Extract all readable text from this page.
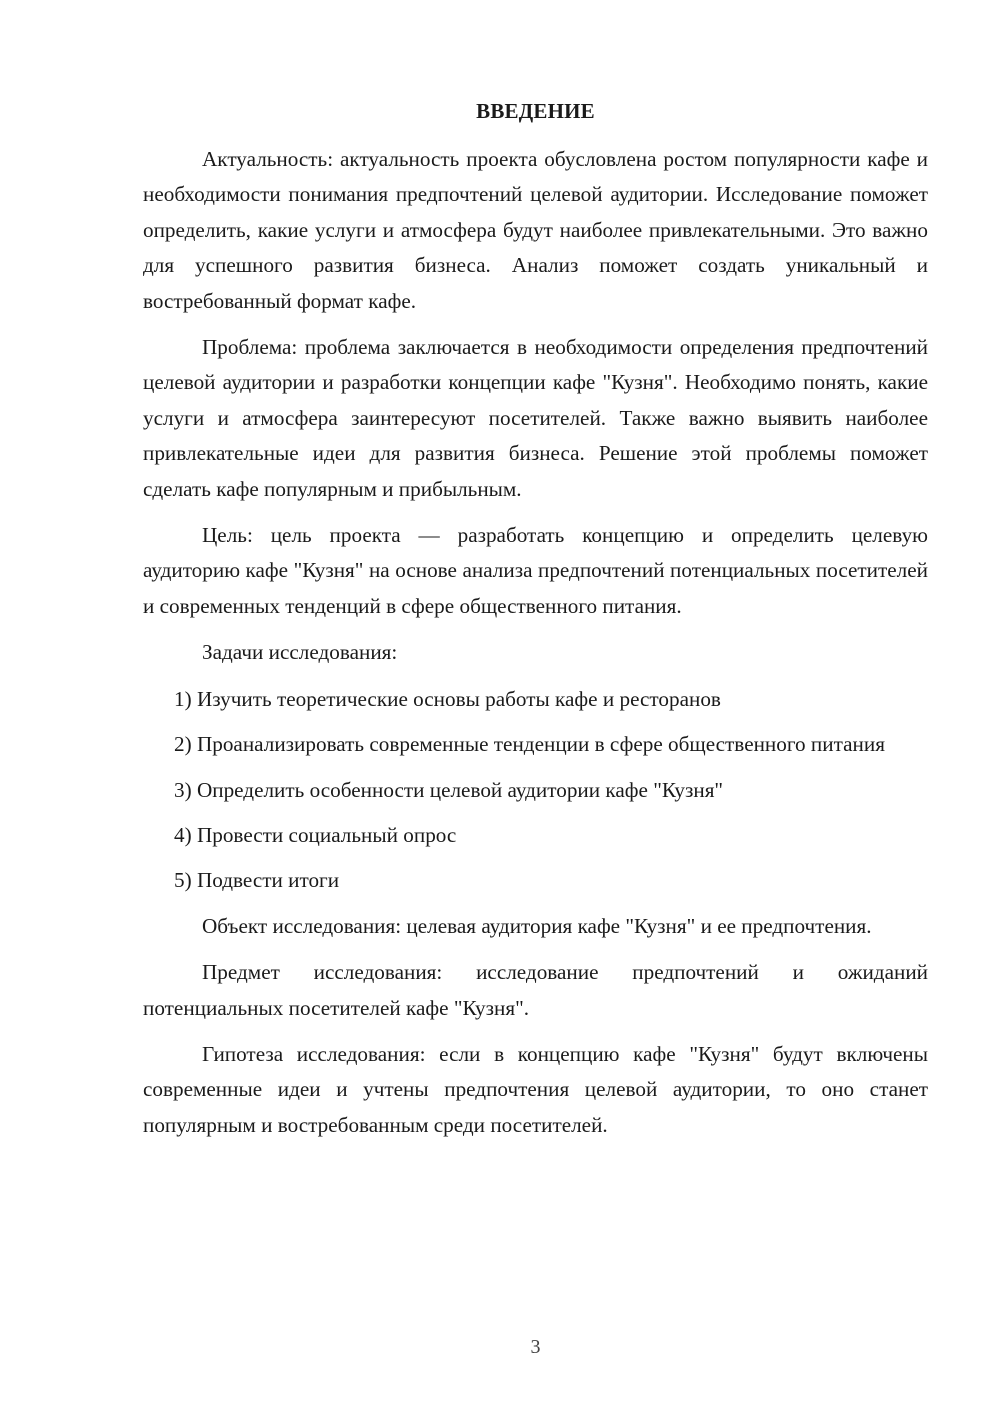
ВВЕДЕНИЕ

Актуальность: актуальность проекта обусловлена ростом популярности кафе и необходимости понимания предпочтений целевой аудитории. Исследование поможет определить, какие услуги и атмосфера будут наиболее привлекательными. Это важно для успешного развития бизнеса. Анализ поможет создать уникальный и востребованный формат кафе.

Проблема: проблема заключается в необходимости определения предпочтений целевой аудитории и разработки концепции кафе "Кузня". Необходимо понять, какие услуги и атмосфера заинтересуют посетителей. Также важно выявить наиболее привлекательные идеи для развития бизнеса. Решение этой проблемы поможет сделать кафе популярным и прибыльным.

Цель: цель проекта — разработать концепцию и определить целевую аудиторию кафе "Кузня" на основе анализа предпочтений потенциальных посетителей и современных тенденций в сфере общественного питания.

Задачи исследования:

1) Изучить теоретические основы работы кафе и ресторанов

2) Проанализировать современные тенденции в сфере общественного питания

3) Определить особенности целевой аудитории кафе "Кузня"

4) Провести социальный опрос

5) Подвести итоги

Объект исследования: целевая аудитория кафе "Кузня" и ее предпочтения.

Предмет исследования: исследование предпочтений и ожиданий потенциальных посетителей кафе "Кузня".

Гипотеза исследования: если в концепцию кафе "Кузня" будут включены современные идеи и учтены предпочтения целевой аудитории, то оно станет популярным и востребованным среди посетителей.

3
